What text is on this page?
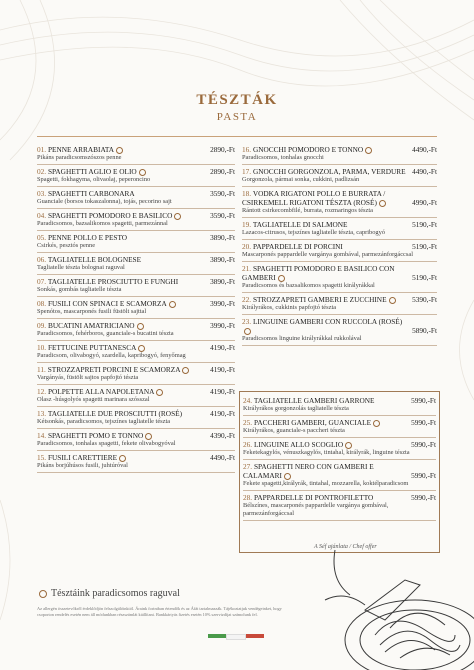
TÉSZTÁK
PASTA
01. PENNE ARRABIATA	2890,-Ft
Pikáns paradicsomszószos penne
02. SPAGHETTI AGLIO E OLIO	2890,-Ft
Spagetti, fokhagyma, olivaolaj, peperoncino
03. SPAGHETTI CARBONARA	3590,-Ft
Guanciale (borsos tokaszalonna), tojás, pecorino sajt
04. SPAGHETTI POMODORO E BASILICO	3590,-Ft
Paradicsomos, bazsalikomos spagetti, parmezánnal
05. PENNE POLLO E PESTO	3890,-Ft
Csirkés, pesztós penne
06. TAGLIATELLE BOLOGNESE	3890,-Ft
Tagliatelle tészta bolognai raguval
07. TAGLIATELLE PROSCIUTTO E FUNGHI	3890,-Ft
Sonkás, gombás tagliatelle tészta
08. FUSILI CON SPINACI E SCAMORZA	3990,-Ft
Spenótos, mascarponés fusili füstölt sajttal
09. BUCATINI AMATRICIANO	3990,-Ft
Paradicsomos, fehérboros, guanciale-s bucatini tészta
10. FETTUCINE PUTTANESCA	4190,-Ft
Paradicsom, olivabogyó, szardella, kapribogyó, fenyőmag
11. STROZZAPRETI PORCINI E SCAMORZA	4190,-Ft
Vargányás, füstölt sajtos papfojtó tészta
12. POLPETTE ALLA NAPOLETANA	4190,-Ft
Olasz -húsgolyós spagetti marinara szósszal
13. TAGLIATELLE DUE PROSCIUTTI (ROSÉ)	4190,-Ft
Kétsonkás, paradicsomos, tejszínes tagliatelle tészta
14. SPAGHETTI POMO E TONNO	4390,-Ft
Paradicsomos, tonhalas spagetti, fekete olivabogyóval
15. FUSILI CARETTIERE	4490,-Ft
Pikáns borjúhúsos fusili, juhtúróval
16. GNOCCHI POMODORO E TONNO	4490,-Ft
Paradicsomos, tonhalas gnocchi
17. GNOCCHI GORGONZOLA, PARMA, VERDURE 4490,-Ft
Gorgonzola, pármai sonka, cukkini, padlizsán
18. VODKA RIGATONI POLLO E BURRATA / CSIRKEMELL RIGATONI TÉSZTA (ROSÉ)	4990,-Ft
Rántott csirkecombfilé, burrata, rozmaringos tészta
19. TAGLIATELLE DI SALMONE	5190,-Ft
Lazacos-citrusos, tejszínes tagliatelle tészta, capribogyó
20. PAPPARDELLE DI PORCINI	5190,-Ft
Mascarponés pappardelle vargánya gombával, parmezánforgáccsal
21. SPAGHETTI POMODORO E BASILICO CON GAMBERI	5190,-Ft
Paradicsomos és bazsalikomos spagetti királyrákkal
22. STROZZAPRETI GAMBERI E ZUCCHINE	5390,-Ft
Királyrákos, cukkinis papfojtó tészta
23. LINGUINE GAMBERI CON RUCCOLA (ROSÉ)
5890,-Ft
Paradicsomos linguine királyrákkal rukkolával
24. TAGLIATELLE GAMBERI GARRONE	5990,-Ft
Királyrákos gorgonzolás tagliatelle tészta
25. PACCHERI GAMBERI, GUANCIALE	5990,-Ft
Királyrákos, guanciale-s paccheri tészta
26. LINGUINE ALLO SCOGLIO	5990,-Ft
Feketekagylós, vénuszkagylós, tintahal, királyrák, linguine tészta
27. SPAGHETTI NERO CON GAMBERI E CALAMARI	5990,-Ft
Fekete spagetti,királyrák, tintahal, mozzarella, koktélparadicsom
28. PAPPARDELLE DI PONTROFILETTO	5990,-Ft
Bélszínes, mascarponés pappardelle vargánya gombával, parmezánforgáccsal
A Séf ajánlata / Chef offer
Tésztáink paradicsomos raguval
Az allergén összetevőkről érdeklődjön felszolgálóinktól. Áraink forintban értendők és az Áfát tartalmazzák. Tájékoztatjuk vendégeinket, hogy csoporton rendelés esetén nem áll módunkban részszámlát kiállítani. Bankkártyás fizetés esetén 10% szervizdíjat számolunk fel.
